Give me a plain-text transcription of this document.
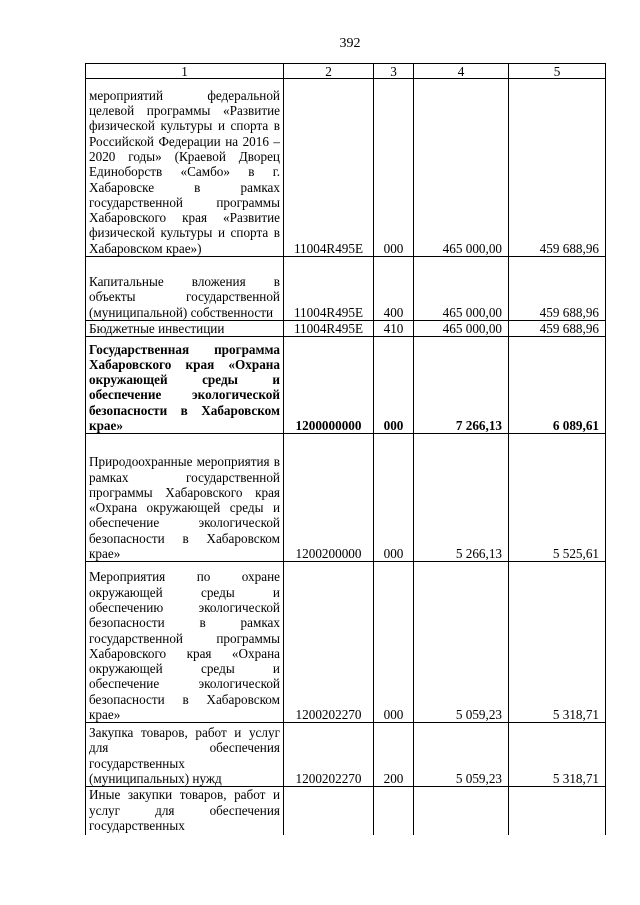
392
1	2	3	4	5
мероприятий федеральной целевой программы «Развитие физической культуры и спорта в Российской Федерации на 2016 – 2020 годы» (Краевой Дворец Единоборств «Самбо» в г. Хабаровске в рамках государственной программы Хабаровского края «Развитие физической культуры и спорта в Хабаровском крае»)	11004R495E	000	465 000,00	459 688,96
Капитальные вложения в объекты государственной (муниципальной) собственности	11004R495E	400	465 000,00	459 688,96
Бюджетные инвестиции	11004R495E	410	465 000,00	459 688,96
Государственная программа Хабаровского края «Охрана окружающей среды и обеспечение экологической безопасности в Хабаровском крае»	1200000000	000	7 266,13	6 089,61
Природоохранные мероприятия в рамках государственной программы Хабаровского края «Охрана окружающей среды и обеспечение экологической безопасности в Хабаровском крае»	1200200000	000	5 266,13	5 525,61
Мероприятия по охране окружающей среды и обеспечению экологической безопасности в рамках государственной программы Хабаровского края «Охрана окружающей среды и обеспечение экологической безопасности в Хабаровском крае»	1200202270	000	5 059,23	5 318,71
Закупка товаров, работ и услуг для обеспечения государственных (муниципальных) нужд	1200202270	200	5 059,23	5 318,71
Иные закупки товаров, работ и услуг для обеспечения государственных				
